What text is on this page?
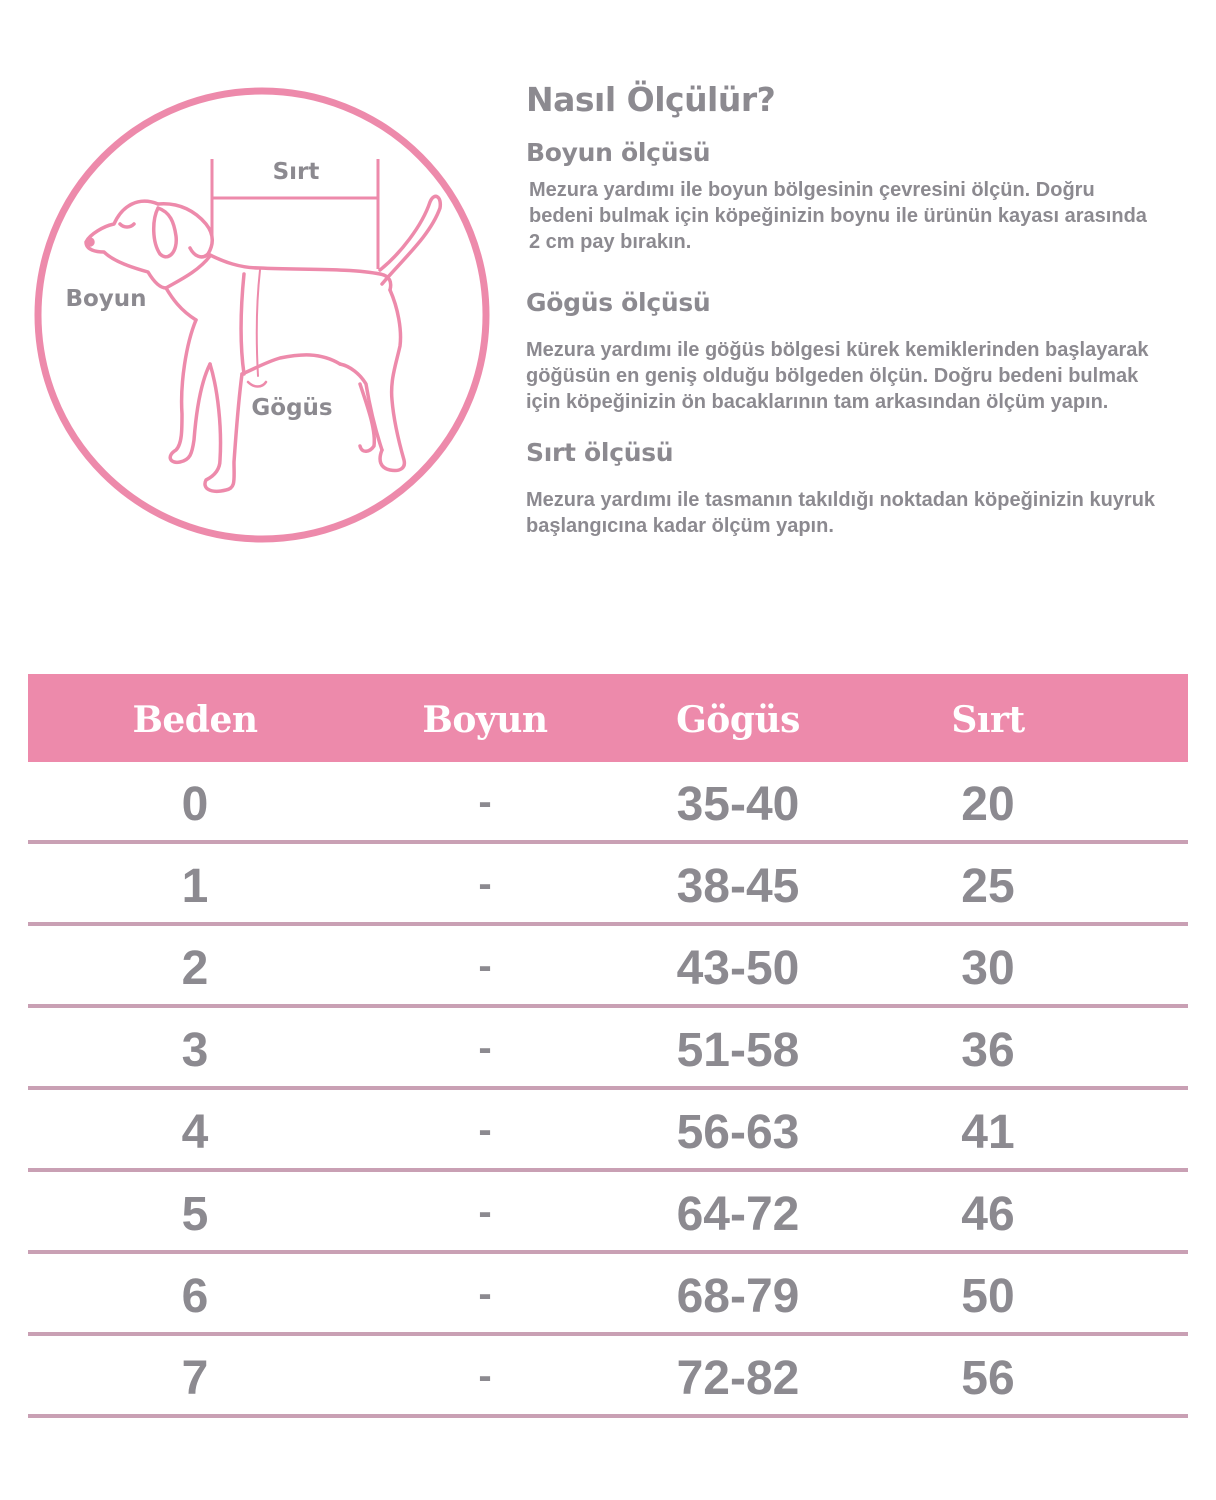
Sırt
Boyun
Gögüs
Nasıl Ölçülür?
Boyun ölçüsü

Mezura yardımı ile boyun bölgesinin çevresini ölçün. Doğru

bedeni bulmak için köpeğinizin boynu ile ürünün kayası arasında

2 cm pay bırakın.

Gögüs ölçüsü

Mezura yardımı ile göğüs bölgesi kürek kemiklerinden başlayarak

göğüsün en geniş olduğu bölgeden ölçün. Doğru bedeni bulmak

için köpeğinizin ön bacaklarının tam arkasından ölçüm yapın.

Sırt ölçüsü

Mezura yardımı ile tasmanın takıldığı noktadan köpeğinizin kuyruk

başlangıcına kadar ölçüm yapın.

Beden	Boyun	Gögüs	Sırt
0	-	35-40	20
1	-	38-45	25
2	-	43-50	30
3	-	51-58	36
4	-	56-63	41
5	-	64-72	46
6	-	68-79	50
7	-	72-82	56
